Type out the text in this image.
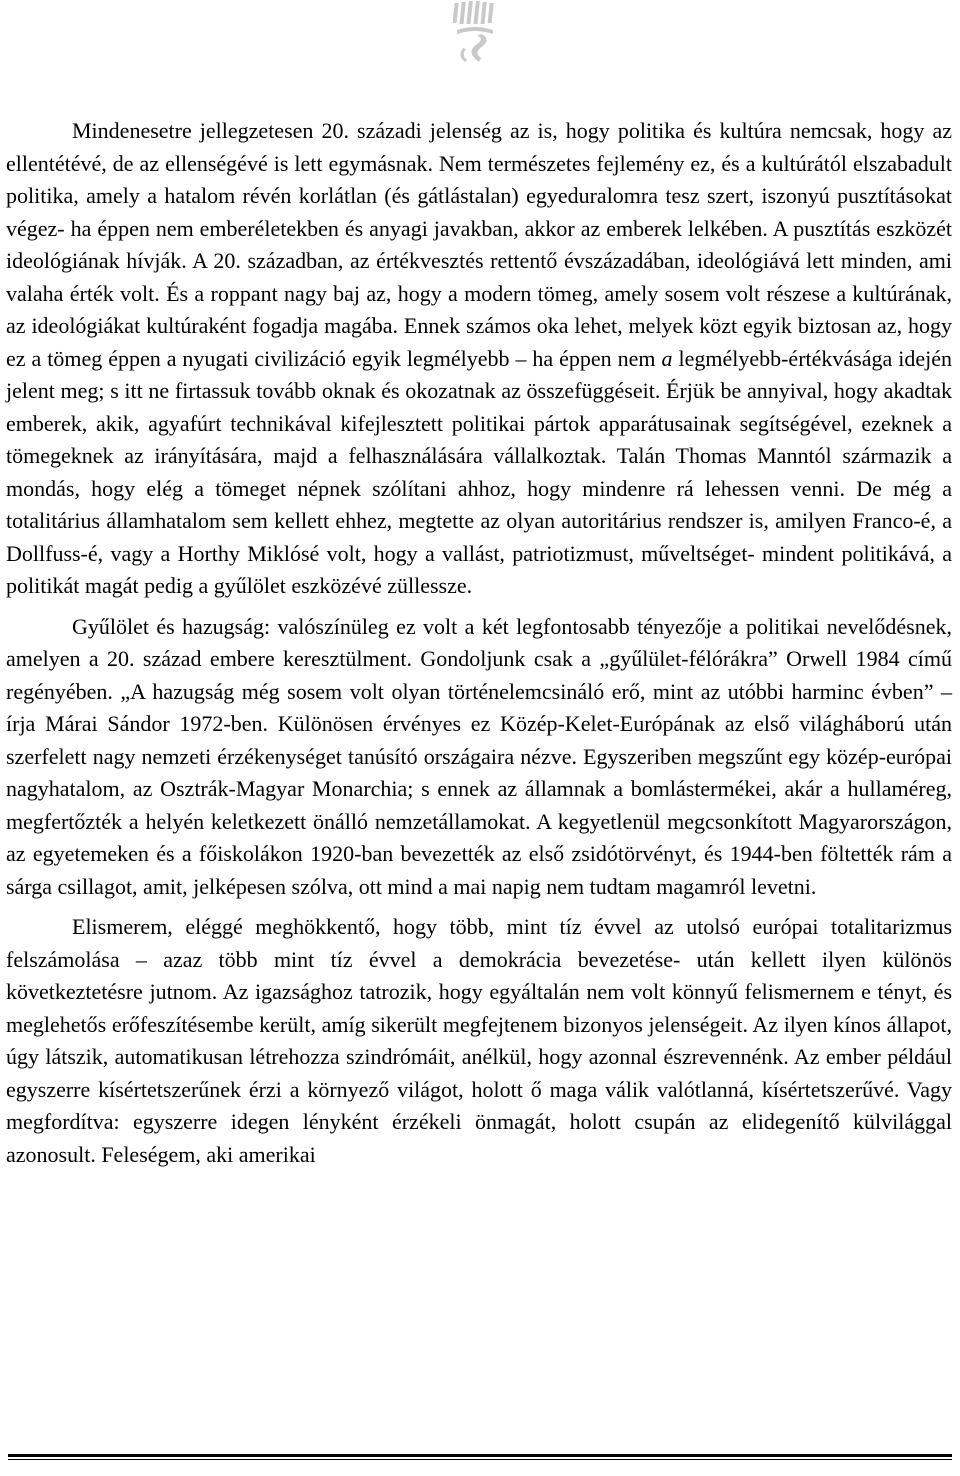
Mindenesetre jellegzetesen 20. századi jelenség az is, hogy politika és kultúra nemcsak, hogy az ellentétévé, de az ellenségévé is lett egymásnak. Nem természetes fejlemény ez, és a kultúrától elszabadult politika, amely a hatalom révén korlátlan (és gátlástalan) egyeduralomra tesz szert, iszonyú pusztításokat végez- ha éppen nem emberéletekben és anyagi javakban, akkor az emberek lelkében. A pusztítás eszközét ideológiának hívják. A 20. században, az értékvesztés rettentő évszázadában, ideológiává lett minden, ami valaha érték volt. És a roppant nagy baj az, hogy a modern tömeg, amely sosem volt részese a kultúrának, az ideológiákat kultúraként fogadja magába. Ennek számos oka lehet, melyek közt egyik biztosan az, hogy ez a tömeg éppen a nyugati civilizáció egyik legmélyebb – ha éppen nem a legmélyebb-értékvásága idején jelent meg; s itt ne firtassuk tovább oknak és okozatnak az összefüggéseit. Érjük be annyival, hogy akadtak emberek, akik, agyafúrt technikával kifejlesztett politikai pártok apparátusainak segítségével, ezeknek a tömegeknek az irányítására, majd a felhasználására vállalkoztak. Talán Thomas Manntól származik a mondás, hogy elég a tömeget népnek szólítani ahhoz, hogy mindenre rá lehessen venni. De még a totalitárius államhatalom sem kellett ehhez, megtette az olyan autoritárius rendszer is, amilyen Franco-é, a Dollfuss-é, vagy a Horthy Miklósé volt, hogy a vallást, patriotizmust, műveltséget- mindent politikává, a politikát magát pedig a gyűlölet eszközévé züllessze.

Gyűlölet és hazugság: valószínüleg ez volt a két legfontosabb tényezője a politikai nevelődésnek, amelyen a 20. század embere keresztülment. Gondoljunk csak a „gyűlület-félórákra” Orwell 1984 című regényében. „A hazugság még sosem volt olyan történelemcsináló erő, mint az utóbbi harminc évben” – írja Márai Sándor 1972-ben. Különösen érvényes ez Közép-Kelet-Európának az első világháború után szerfelett nagy nemzeti érzékenységet tanúsító országaira nézve. Egyszeriben megszűnt egy közép-európai nagyhatalom, az Osztrák-Magyar Monarchia; s ennek az államnak a bomlástermékei, akár a hullaméreg, megfertőzték a helyén keletkezett önálló nemzetállamokat. A kegyetlenül megcsonkított Magyarországon, az egyetemeken és a főiskolákon 1920-ban bevezették az első zsidótörvényt, és 1944-ben föltették rám a sárga csillagot, amit, jelképesen szólva, ott mind a mai napig nem tudtam magamról levetni.

Elismerem, eléggé meghökkentő, hogy több, mint tíz évvel az utolsó európai totalitarizmus felszámolása – azaz több mint tíz évvel a demokrácia bevezetése- után kellett ilyen különös következtetésre jutnom. Az igazsághoz tatrozik, hogy egyáltalán nem volt könnyű felismernem e tényt, és meglehetős erőfeszítésembe került, amíg sikerült megfejtenem bizonyos jelenségeit. Az ilyen kínos állapot, úgy látszik, automatikusan létrehozza szindrómáit, anélkül, hogy azonnal észrevennénk. Az ember például egyszerre kísértetszerűnek érzi a környező világot, holott ő maga válik valótlanná, kísértetszerűvé. Vagy megfordítva: egyszerre idegen lényként érzékeli önmagát, holott csupán az elidegenítő külvilággal azonosult. Feleségem, aki amerikai
